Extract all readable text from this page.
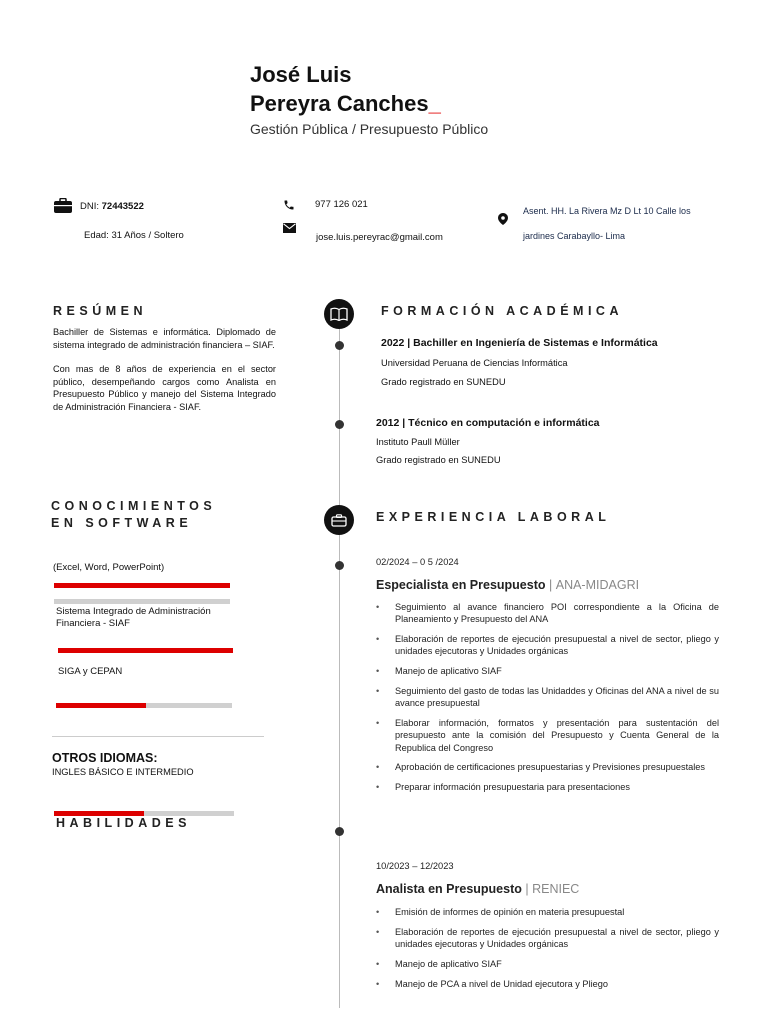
José Luis
Pereyra Canches_
Gestión Pública / Presupuesto Público
DNI: 72443522
Edad: 31 Años / Soltero
977 126 021
jose.luis.pereyrac@gmail.com
Asent. HH. La Rivera Mz D Lt 10 Calle los
jardines Carabayllo- Lima
RESÚMEN
Bachiller de Sistemas e informática. Diplomado de sistema integrado de administración financiera – SIAF.
Con mas de 8 años de experiencia en el sector público, desempeñando cargos como Analista en Presupuesto Público y manejo del Sistema Integrado de Administración Financiera - SIAF.
CONOCIMIENTOS
EN SOFTWARE
(Excel, Word, PowerPoint)
Sistema Integrado de Administración Financiera - SIAF
SIGA y CEPAN
OTROS IDIOMAS:
INGLES BÁSICO E INTERMEDIO
HABILIDADES
FORMACIÓN ACADÉMICA
2022 | Bachiller en Ingeniería de Sistemas e Informática
Universidad Peruana de Ciencias Informática
Grado registrado en SUNEDU
2012 | Técnico en computación e informática
Instituto Paull Müller
Grado registrado en SUNEDU
EXPERIENCIA LABORAL
02/2024 – 0 5 /2024
Especialista en Presupuesto | ANA-MIDAGRI
• Seguimiento al avance financiero POI correspondiente a la Oficina de Planeamiento y Presupuesto del ANA
• Elaboración de reportes de ejecución presupuestal a nivel de sector, pliego y unidades ejecutoras y Unidades orgánicas
• Manejo de aplicativo SIAF
• Seguimiento del gasto de todas las Unidaddes y Oficinas del ANA a nivel de su avance presupuestal
• Elaborar información, formatos y presentación para sustentación del presupuesto ante la comisión del Presupuesto y Cuenta General de la Republica del Congreso
• Aprobación de certificaciones presupuestarias y Previsiones presupuestales
• Preparar información presupuestaria para presentaciones
10/2023 – 12/2023
Analista en Presupuesto | RENIEC
• Emisión de informes de opinión en materia presupuestal
• Elaboración de reportes de ejecución presupuestal a nivel de sector, pliego y unidades ejecutoras y Unidades orgánicas
• Manejo de aplicativo SIAF
• Manejo de PCA a nivel de Unidad ejecutora y Pliego
